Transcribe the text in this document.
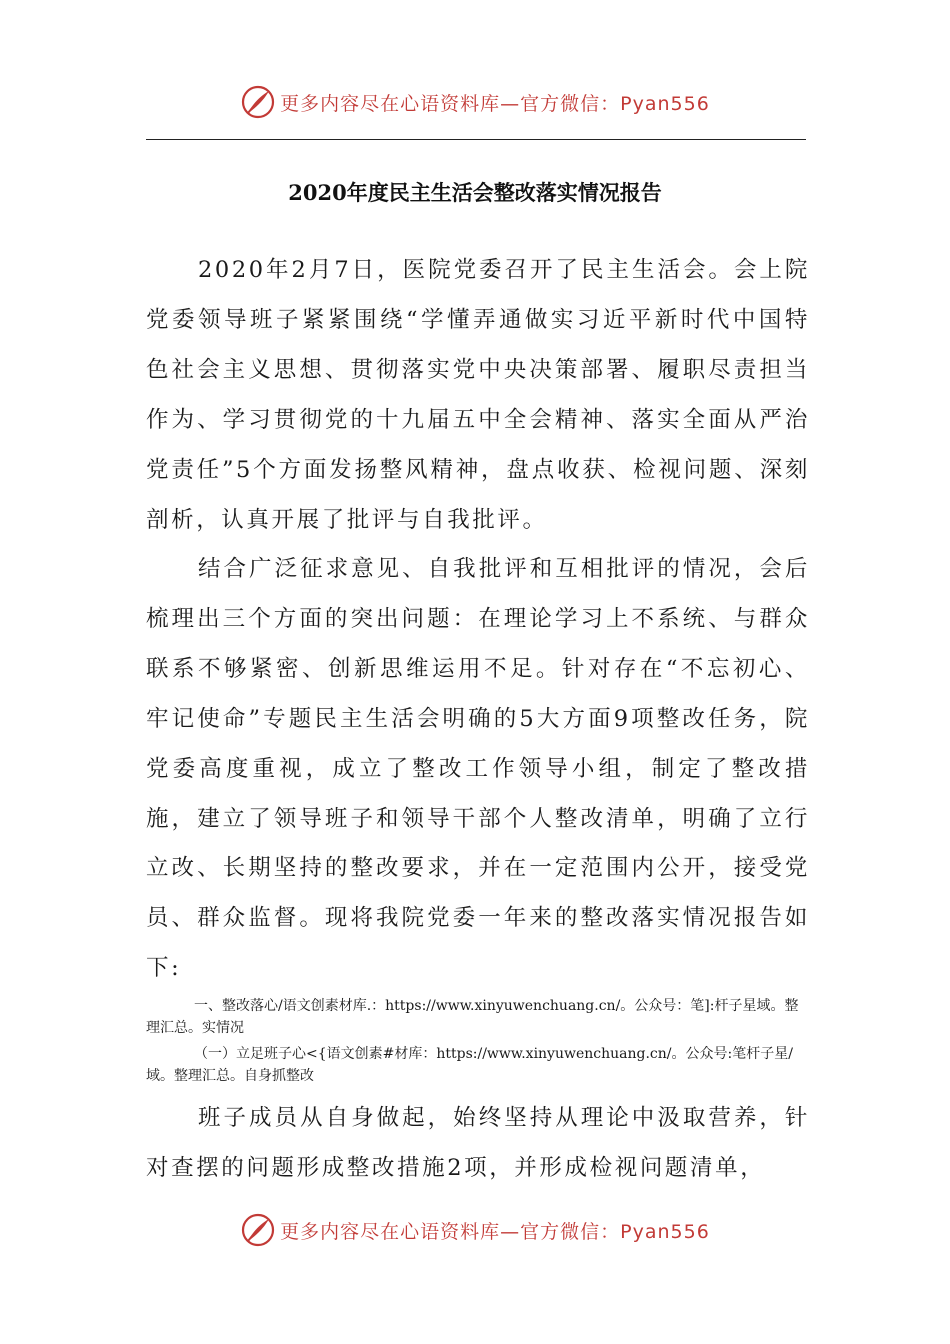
更多内容尽在心语资料库—官方微信：Pyan556
2020年度民主生活会整改落实情况报告

2020年2月7日，医院党委召开了民主生活会。会上院党委领导班子紧紧围绕“学懂弄通做实习近平新时代中国特色社会主义思想、贯彻落实党中央决策部署、履职尽责担当作为、学习贯彻党的十九届五中全会精神、落实全面从严治党责任”5个方面发扬整风精神，盘点收获、检视问题、深刻剖析，认真开展了批评与自我批评。

结合广泛征求意见、自我批评和互相批评的情况，会后梳理出三个方面的突出问题：在理论学习上不系统、与群众联系不够紧密、创新思维运用不足。针对存在“不忘初心、牢记使命”专题民主生活会明确的5大方面9项整改任务，院党委高度重视，成立了整改工作领导小组，制定了整改措施，建立了领导班子和领导干部个人整改清单，明确了立行立改、长期坚持的整改要求，并在一定范围内公开，接受党员、群众监督。现将我院党委一年来的整改落实情况报告如下:

一、整改落心/语文创素材库.：https://www.xinyuwenchuang.cn/。公众号：笔]:杆子星域。整理汇总。实情况

（一）立足班子心<{语文创素#材库：https://www.xinyuwenchuang.cn/。公众号:笔杆子星/域。整理汇总。自身抓整改

班子成员从自身做起，始终坚持从理论中汲取营养，针对查摆的问题形成整改措施2项，并形成检视问题清单，

更多内容尽在心语资料库—官方微信：Pyan556
